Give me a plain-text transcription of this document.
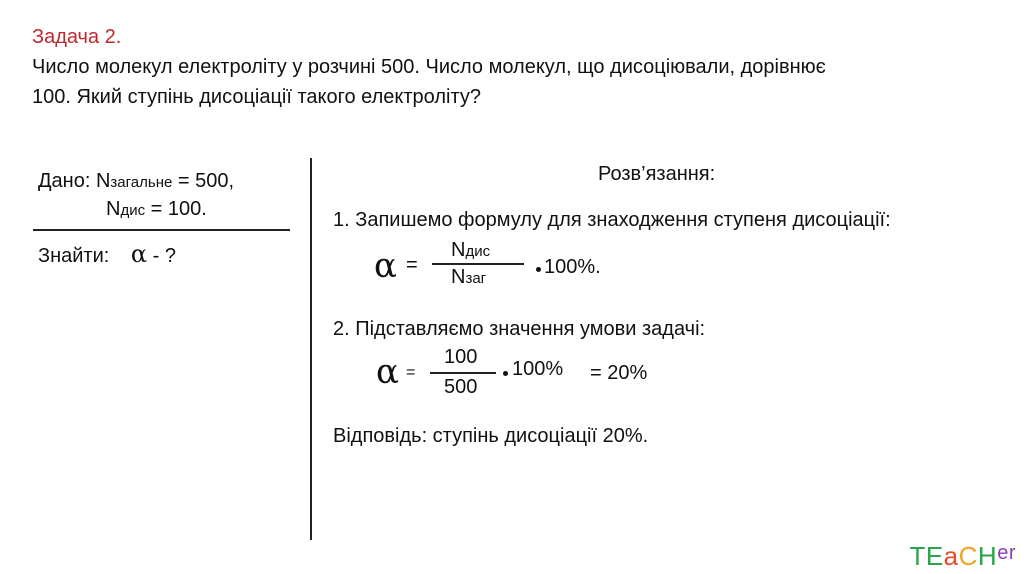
Задача 2.
Число молекул електроліту у розчині 500. Число молекул, що дисоціювали, дорівнює
100. Який ступінь дисоціації такого електроліту?
Дано: Nзагальне = 500,
Nдис = 100.
Знайти: α - ?
Розв’язання:
1. Запишемо формулу для знаходження ступеня дисоціації:
α =
Nдис
Nзаг
100%.
2. Підставляємо значення умови задачі:
α =
100
500
100% = 20%
Відповідь: ступінь дисоціації 20%.
TEaCH$^{er}$
